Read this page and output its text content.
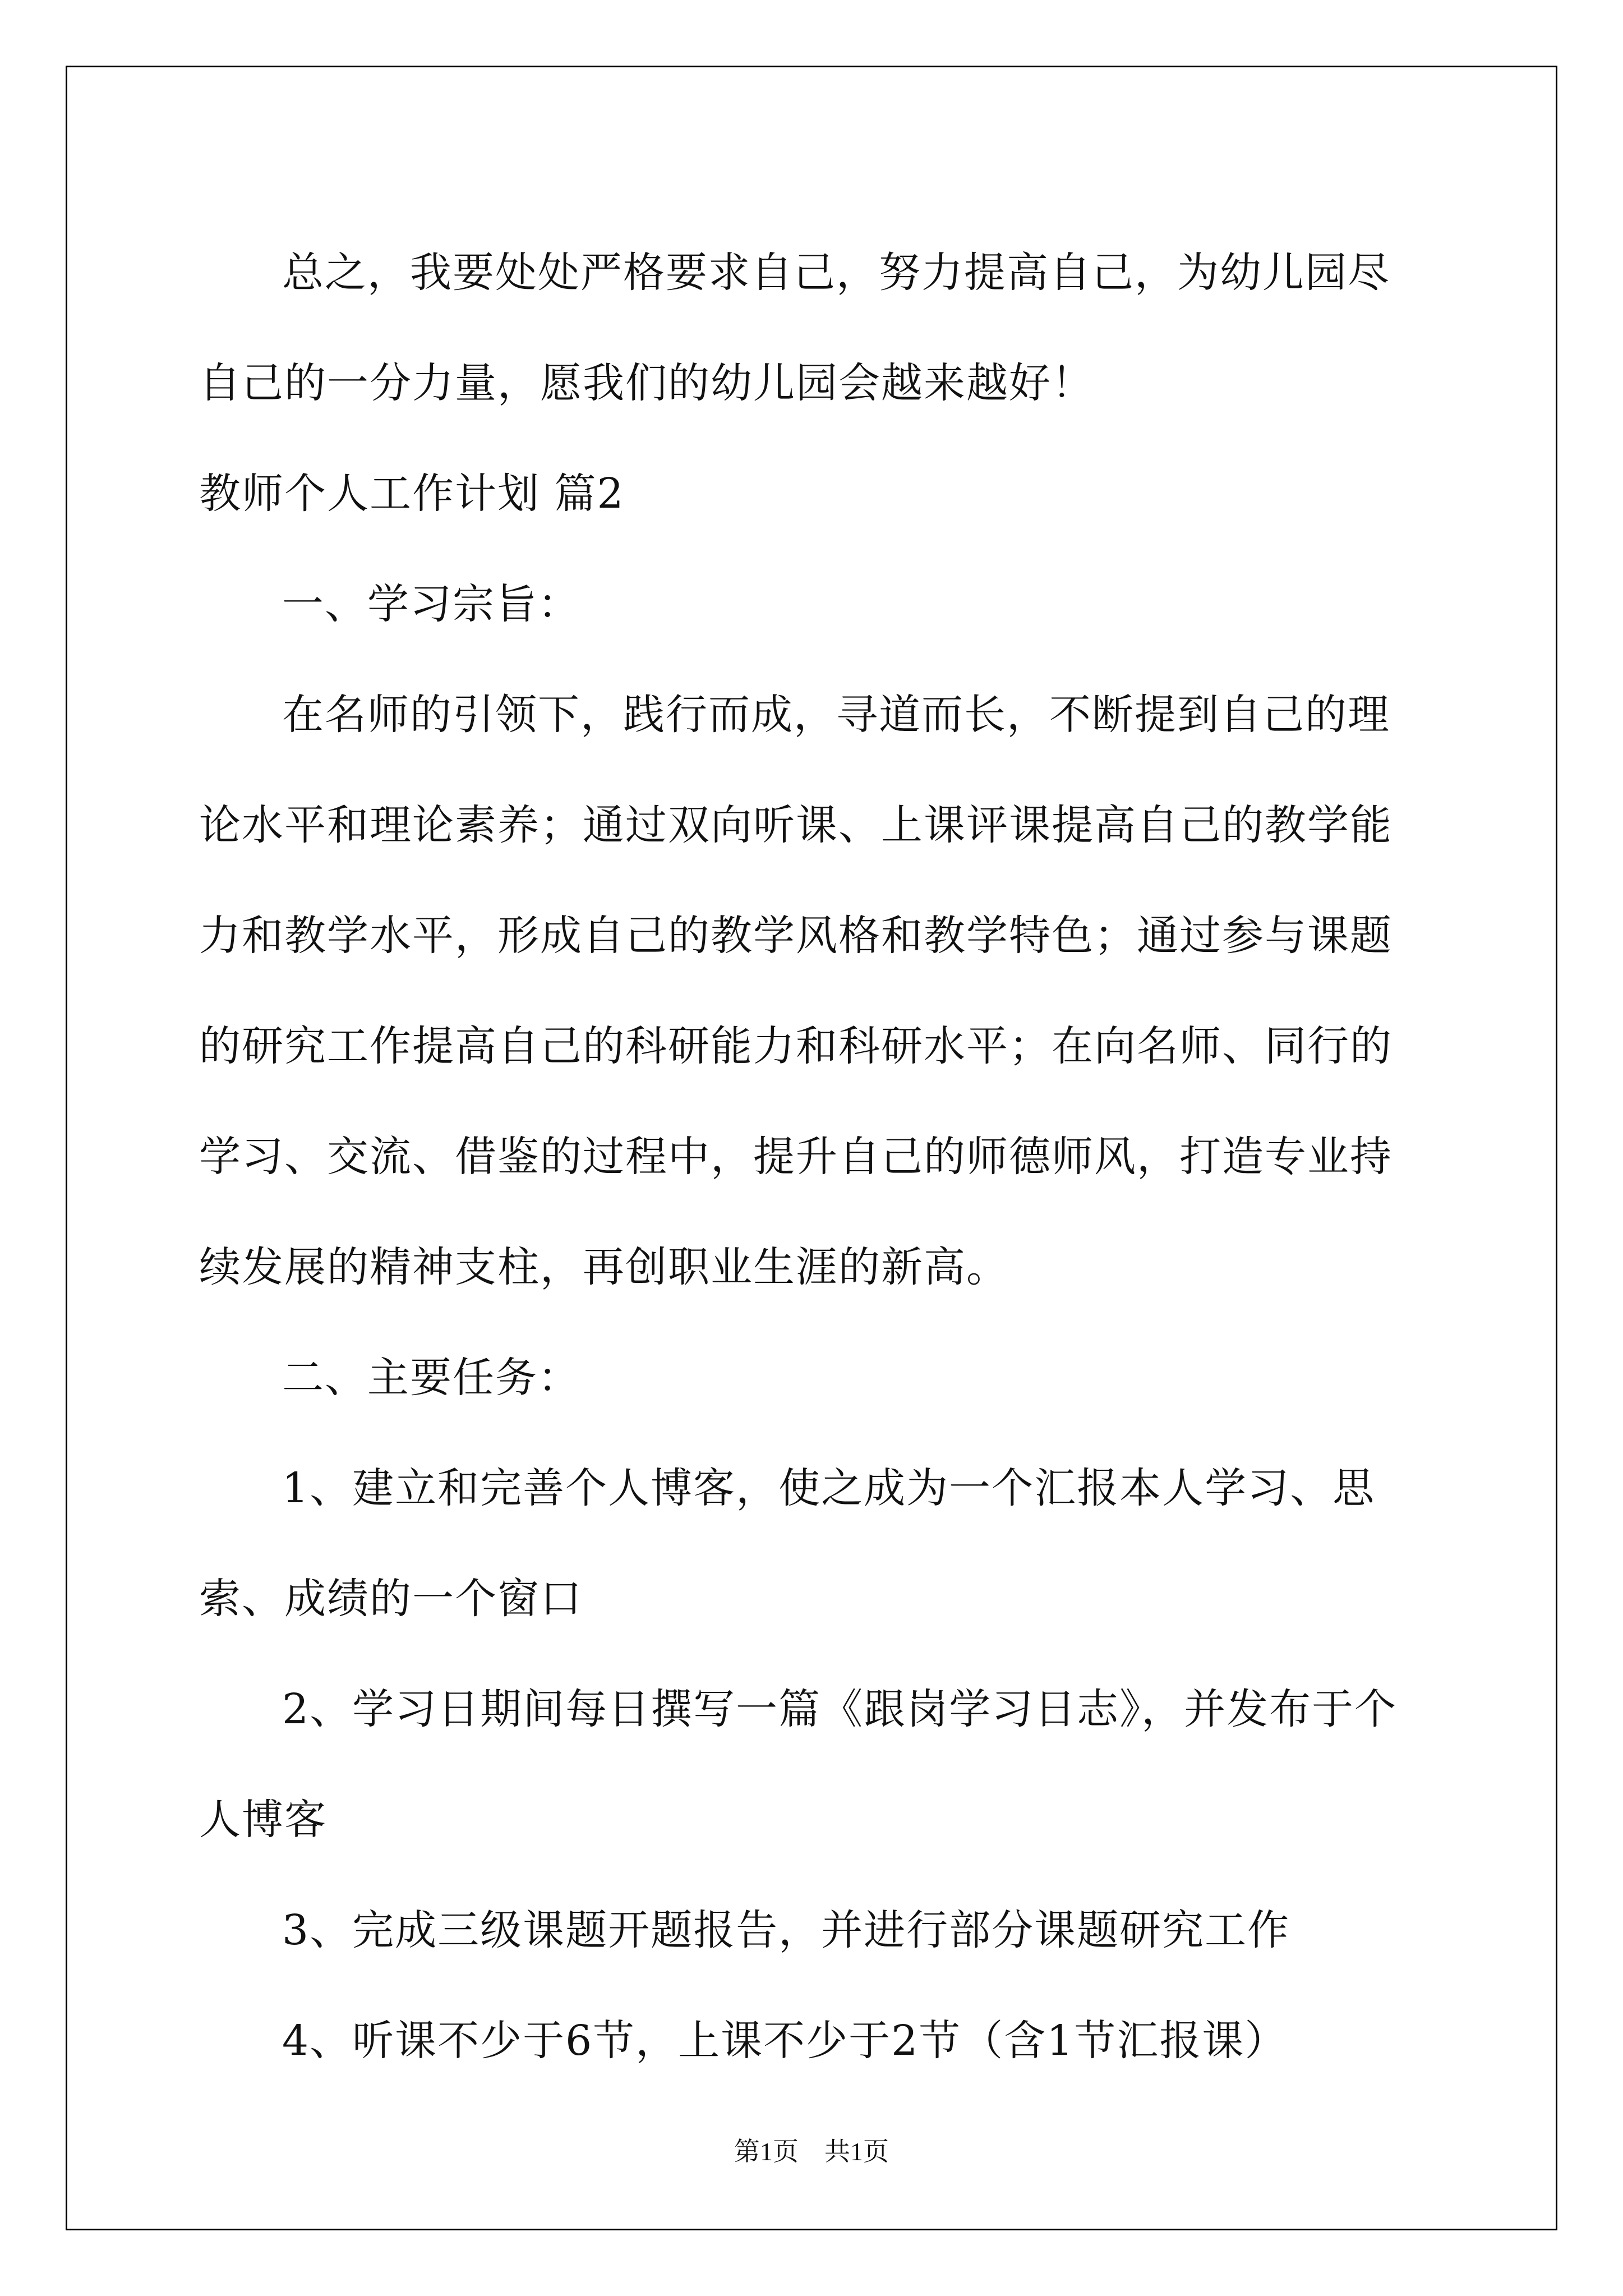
总之，我要处处严格要求自己，努力提高自己，为幼儿园尽自己的一分力量，愿我们的幼儿园会越来越好！

教师个人工作计划 篇2

一、学习宗旨：

在名师的引领下，践行而成，寻道而长，不断提到自己的理论水平和理论素养；通过双向听课、上课评课提高自己的教学能力和教学水平，形成自己的教学风格和教学特色；通过参与课题的研究工作提高自己的科研能力和科研水平；在向名师、同行的学习、交流、借鉴的过程中，提升自己的师德师风，打造专业持续发展的精神支柱，再创职业生涯的新高。

二、主要任务：

1、建立和完善个人博客，使之成为一个汇报本人学习、思索、成绩的一个窗口

2、学习日期间每日撰写一篇《跟岗学习日志》，并发布于个人博客

3、完成三级课题开题报告，并进行部分课题研究工作

4、听课不少于6节，上课不少于2节（含1节汇报课）

第1页　共1页
